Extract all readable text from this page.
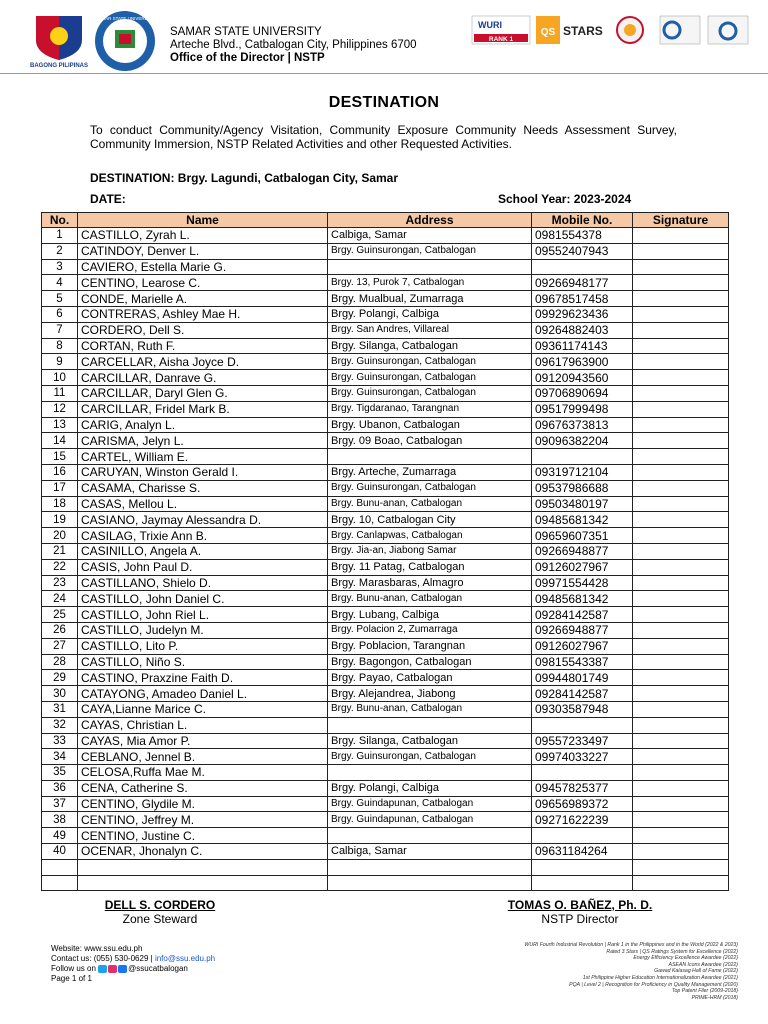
BAGONG PILIPINAS
SAMAR STATE UNIVERSITY
SAMAR STATE UNIVERSITY
Arteche Blvd., Catbalogan City, Philippines 6700
Office of the Director | NSTP
WURI
RANK 1
QS STARS
DESTINATION
To conduct Community/Agency Visitation, Community Exposure Community Needs Assessment Survey, Community Immersion, NSTP Related Activities and other Requested Activities.
DESTINATION: Brgy. Lagundi, Catbalogan City, Samar
DATE:	School Year: 2023-2024
No.	Name	Address	Mobile No.	Signature
1	CASTILLO, Zyrah L.	Calbiga, Samar	0981554378	
2	CATINDOY, Denver L.	Brgy. Guinsurongan, Catbalogan	09552407943	
3	CAVIERO, Estella Marie G.			
4	CENTINO, Learose C.	Brgy. 13, Purok 7, Catbalogan	09266948177	
5	CONDE, Marielle A.	Brgy. Mualbual, Zumarraga	09678517458	
6	CONTRERAS, Ashley Mae H.	Brgy. Polangi, Calbiga	09929623436	
7	CORDERO, Dell S.	Brgy. San Andres, Villareal	09264882403	
8	CORTAN, Ruth F.	Brgy. Silanga, Catbalogan	09361174143	
9	CARCELLAR, Aisha Joyce D.	Brgy. Guinsurongan, Catbalogan	09617963900	
10	CARCILLAR, Danrave G.	Brgy. Guinsurongan, Catbalogan	09120943560	
11	CARCILLAR, Daryl Glen G.	Brgy. Guinsurongan, Catbalogan	09706890694	
12	CARCILLAR, Fridel Mark B.	Brgy. Tigdaranao, Tarangnan	09517999498	
13	CARIG, Analyn L.	Brgy. Ubanon, Catbalogan	09676373813	
14	CARISMA, Jelyn L.	Brgy. 09 Boao, Catbalogan	09096382204	
15	CARTEL, William E.			
16	CARUYAN, Winston Gerald I.	Brgy. Arteche, Zumarraga	09319712104	
17	CASAMA, Charisse S.	Brgy. Guinsurongan, Catbalogan	09537986688	
18	CASAS, Mellou L.	Brgy. Bunu-anan, Catbalogan	09503480197	
19	CASIANO, Jaymay Alessandra D.	Brgy. 10, Catbalogan City	09485681342	
20	CASILAG, Trixie Ann B.	Brgy. Canlapwas, Catbalogan	09659607351	
21	CASINILLO, Angela A.	Brgy. Jia-an, Jiabong Samar	09266948877	
22	CASIS, John Paul D.	Brgy. 11 Patag, Catbalogan	09126027967	
23	CASTILLANO, Shielo D.	Brgy. Marasbaras, Almagro	09971554428	
24	CASTILLO, John Daniel C.	Brgy. Bunu-anan, Catbalogan	09485681342	
25	CASTILLO, John Riel L.	Brgy. Lubang, Calbiga	09284142587	
26	CASTILLO, Judelyn M.	Brgy. Polacion 2, Zumarraga	09266948877	
27	CASTILLO, Lito P.	Brgy. Poblacion, Tarangnan	09126027967	
28	CASTILLO, Niño S.	Brgy. Bagongon, Catbalogan	09815543387	
29	CASTINO, Praxzine Faith D.	Brgy. Payao, Catbalogan	09944801749	
30	CATAYONG, Amadeo Daniel L.	Brgy. Alejandrea, Jiabong	09284142587	
31	CAYA,Lianne Marice C.	Brgy. Bunu-anan, Catbalogan	09303587948	
32	CAYAS, Christian L.			
33	CAYAS, Mia Amor P.	Brgy. Silanga, Catbalogan	09557233497	
34	CEBLANO, Jennel B.	Brgy. Guinsurongan, Catbalogan	09974033227	
35	CELOSA,Ruffa Mae M.			
36	CENA, Catherine S.	Brgy. Polangi, Calbiga	09457825377	
37	CENTINO, Glydile M.	Brgy. Guindapunan, Catbalogan	09656989372	
38	CENTINO, Jeffrey M.	Brgy. Guindapunan, Catbalogan	09271622239	
49	CENTINO, Justine C.			
40	OCENAR, Jhonalyn C.	Calbiga, Samar	09631184264	

DELL S. CORDERO
Zone Steward
TOMAS O. BAÑEZ, Ph. D.
NSTP Director
Website: www.ssu.edu.ph
Contact us: (055) 530-0629 | info@ssu.edu.ph
Follow us on	@ssucatbalogan
Page 1 of 1
WURI Fourth Industrial Revolution | Rank 1 in the Philippines and in the World (2022 & 2023)
Rated 3 Stars | QS Ratings System for Excellence (2022)
Energy Efficiency Excellence Awardee (2022)
ASEAN Icons Awardee (2022)
Gawad Kalasag Hall of Fame (2022)
1st Philippine Higher Education Internationalization Awardee (2021)
PQA | Level 2 | Recognition for Proficiency in Quality Management (2020)
Top Patent Filer (2009-2018)
PRIME-HRM (2018)
